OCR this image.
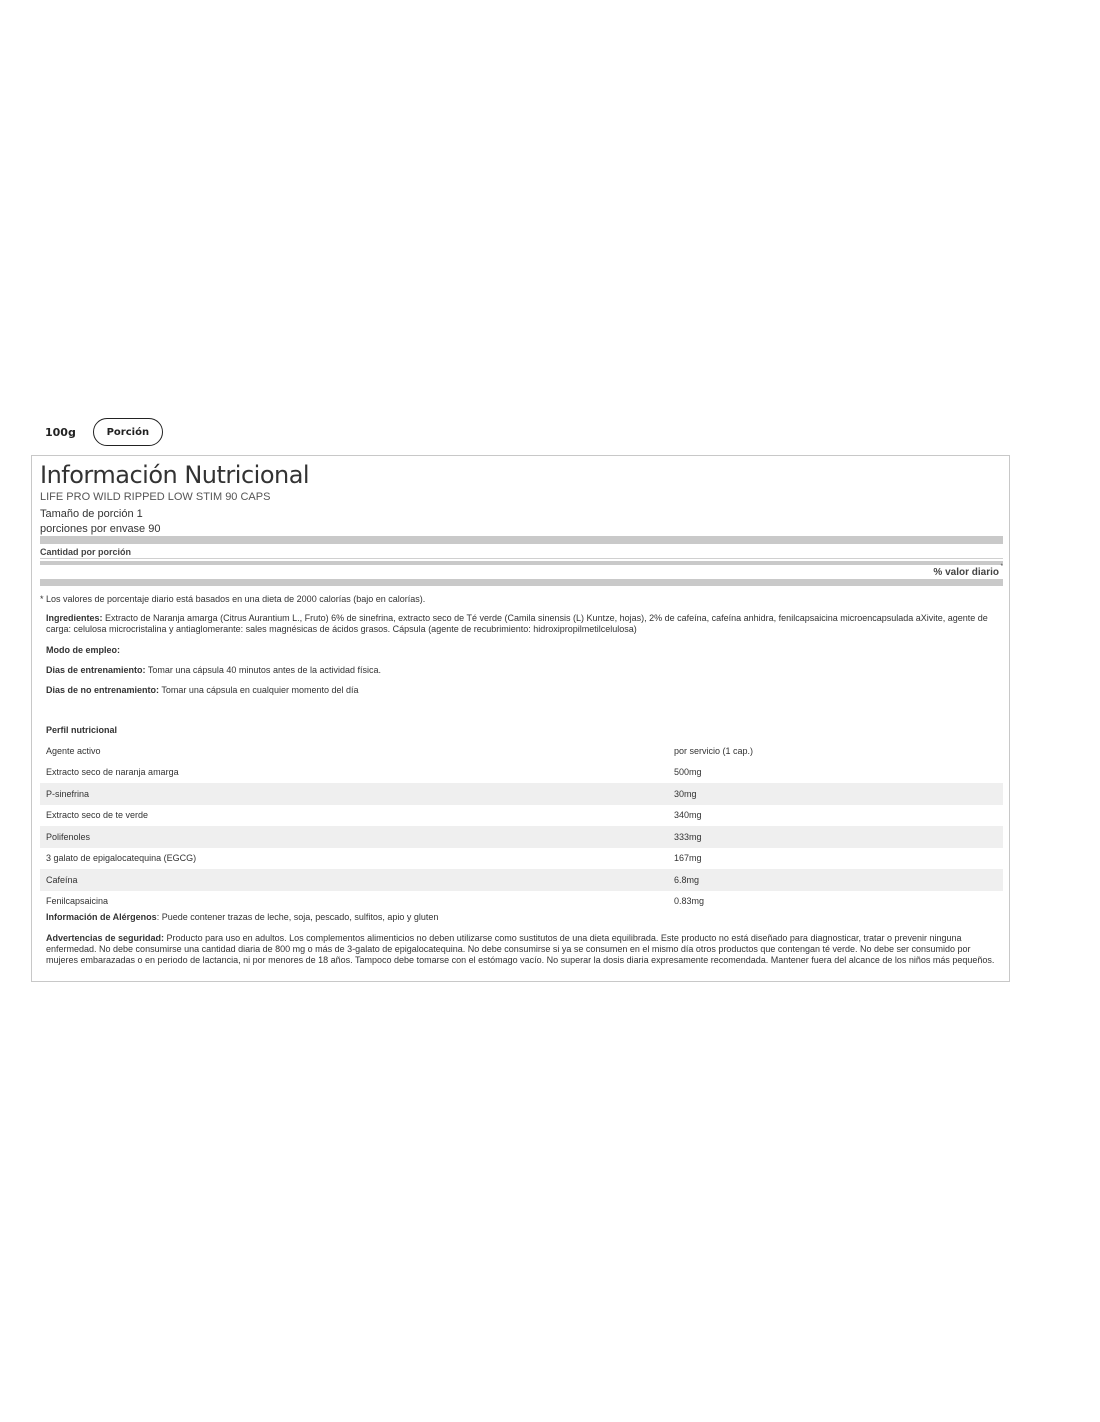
100g	Porción
Información Nutricional
LIFE PRO WILD RIPPED LOW STIM 90 CAPS
Tamaño de porción 1
porciones por envase 90
Cantidad por porción
% valor diario *
* Los valores de porcentaje diario está basados en una dieta de 2000 calorías (bajo en calorías).
Ingredientes: Extracto de Naranja amarga (Citrus Aurantium L., Fruto) 6% de sinefrina, extracto seco de Té verde (Camila sinensis (L) Kuntze, hojas), 2% de cafeína, cafeína anhidra, fenilcapsaicina microencapsulada aXivite, agente de carga: celulosa microcristalina y antiaglomerante: sales magnésicas de ácidos grasos. Cápsula (agente de recubrimiento: hidroxipropilmetilcelulosa)
Modo de empleo:
Dias de entrenamiento: Tomar una cápsula 40 minutos antes de la actividad física.
Dias de no entrenamiento: Tomar una cápsula en cualquier momento del día
Perfil nutricional
Agente activo	por servicio (1 cap.)
Extracto seco de naranja amarga	500mg
P-sinefrina	30mg
Extracto seco de te verde	340mg
Polifenoles	333mg
3 galato de epigalocatequina (EGCG)	167mg
Cafeína	6.8mg
Fenilcapsaicina	0.83mg
Información de Alérgenos: Puede contener trazas de leche, soja, pescado, sulfitos, apio y gluten
Advertencias de seguridad: Producto para uso en adultos. Los complementos alimenticios no deben utilizarse como sustitutos de una dieta equilibrada. Este producto no está diseñado para diagnosticar, tratar o prevenir ninguna enfermedad. No debe consumirse una cantidad diaria de 800 mg o más de 3-galato de epigalocatequina. No debe consumirse si ya se consumen en el mismo día otros productos que contengan té verde. No debe ser consumido por mujeres embarazadas o en periodo de lactancia, ni por menores de 18 años. Tampoco debe tomarse con el estómago vacío. No superar la dosis diaria expresamente recomendada. Mantener fuera del alcance de los niños más pequeños.
